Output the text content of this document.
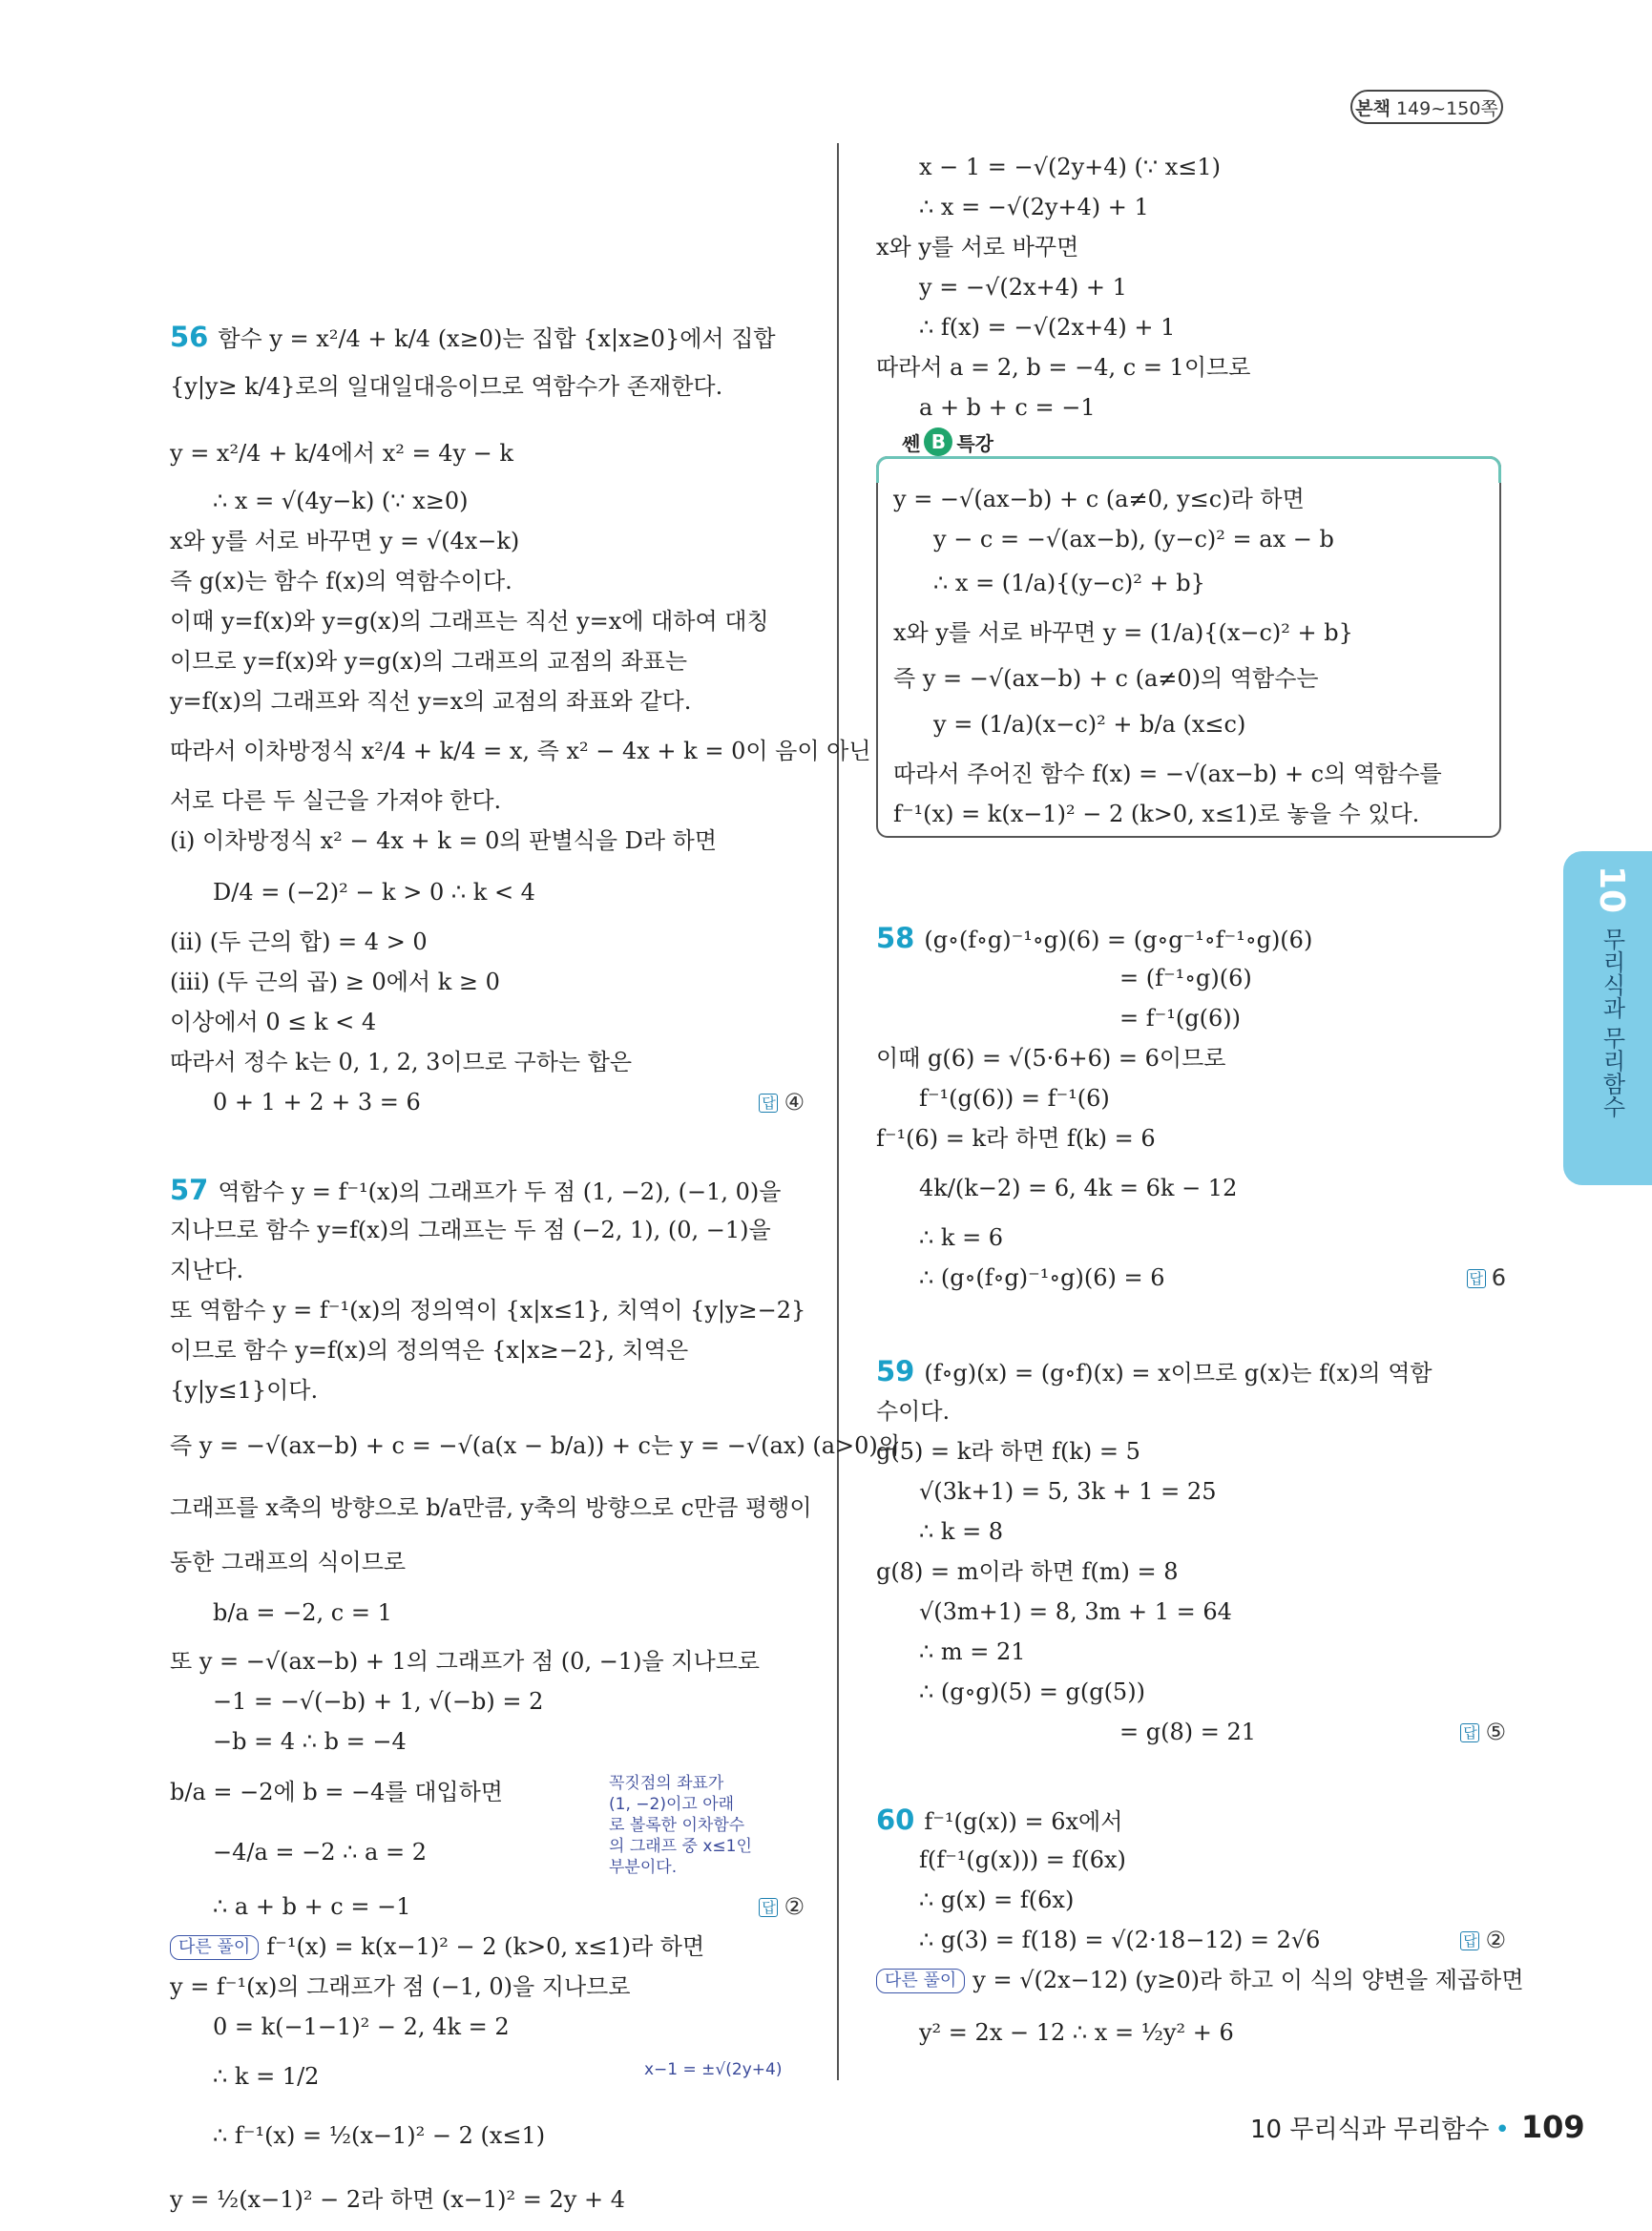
본책 149~150쪽
56 함수 y = x²/4 + k/4 (x≥0)는 집합 {x|x≥0}에서 집합
{y|y≥ k/4}로의 일대일대응이므로 역함수가 존재한다.
y = x²/4 + k/4에서 x² = 4y − k
∴ x = √(4y−k) (∵ x≥0)
x와 y를 서로 바꾸면 y = √(4x−k)
즉 g(x)는 함수 f(x)의 역함수이다.
이때 y=f(x)와 y=g(x)의 그래프는 직선 y=x에 대하여 대칭
이므로 y=f(x)와 y=g(x)의 그래프의 교점의 좌표는
y=f(x)의 그래프와 직선 y=x의 교점의 좌표와 같다.
따라서 이차방정식 x²/4 + k/4 = x, 즉 x² − 4x + k = 0이 음이 아닌
서로 다른 두 실근을 가져야 한다.
(i) 이차방정식 x² − 4x + k = 0의 판별식을 D라 하면
D/4 = (−2)² − k > 0 ∴ k < 4
(ii) (두 근의 합) = 4 > 0
(iii) (두 근의 곱) ≥ 0에서 k ≥ 0
이상에서 0 ≤ k < 4
따라서 정수 k는 0, 1, 2, 3이므로 구하는 합은
0 + 1 + 2 + 3 = 6	답 ④
57 역함수 y = f⁻¹(x)의 그래프가 두 점 (1, −2), (−1, 0)을
지나므로 함수 y=f(x)의 그래프는 두 점 (−2, 1), (0, −1)을
지난다.
또 역함수 y = f⁻¹(x)의 정의역이 {x|x≤1}, 치역이 {y|y≥−2}
이므로 함수 y=f(x)의 정의역은 {x|x≥−2}, 치역은
{y|y≤1}이다.
즉 y = −√(ax−b) + c = −√(a(x − b/a)) + c는 y = −√(ax) (a>0)의
그래프를 x축의 방향으로 b/a만큼, y축의 방향으로 c만큼 평행이
동한 그래프의 식이므로
b/a = −2, c = 1
또 y = −√(ax−b) + 1의 그래프가 점 (0, −1)을 지나므로
−1 = −√(−b) + 1, √(−b) = 2
−b = 4 ∴ b = −4
b/a = −2에 b = −4를 대입하면
−4/a = −2 ∴ a = 2
∴ a + b + c = −1	답 ②
다른 풀이 f⁻¹(x) = k(x−1)² − 2 (k>0, x≤1)라 하면
y = f⁻¹(x)의 그래프가 점 (−1, 0)을 지나므로
0 = k(−1−1)² − 2, 4k = 2
∴ k = 1/2
∴ f⁻¹(x) = ½(x−1)² − 2 (x≤1)
y = ½(x−1)² − 2라 하면 (x−1)² = 2y + 4
x − 1 = −√(2y+4) (∵ x≤1)
∴ x = −√(2y+4) + 1
x와 y를 서로 바꾸면
y = −√(2x+4) + 1
∴ f(x) = −√(2x+4) + 1
따라서 a = 2, b = −4, c = 1이므로
a + b + c = −1
y = −√(ax−b) + c (a≠0, y≤c)라 하면
y − c = −√(ax−b), (y−c)² = ax − b
∴ x = (1/a){(y−c)² + b}
x와 y를 서로 바꾸면 y = (1/a){(x−c)² + b}
즉 y = −√(ax−b) + c (a≠0)의 역함수는
y = (1/a)(x−c)² + b/a (x≤c)
따라서 주어진 함수 f(x) = −√(ax−b) + c의 역함수를
f⁻¹(x) = k(x−1)² − 2 (k>0, x≤1)로 놓을 수 있다.
58 (g∘(f∘g)⁻¹∘g)(6) = (g∘g⁻¹∘f⁻¹∘g)(6)
= (f⁻¹∘g)(6)
= f⁻¹(g(6))
이때 g(6) = √(5·6+6) = 6이므로
f⁻¹(g(6)) = f⁻¹(6)
f⁻¹(6) = k라 하면 f(k) = 6
4k/(k−2) = 6, 4k = 6k − 12
∴ k = 6
∴ (g∘(f∘g)⁻¹∘g)(6) = 6	답 6
59 (f∘g)(x) = (g∘f)(x) = x이므로 g(x)는 f(x)의 역함
수이다.
g(5) = k라 하면 f(k) = 5
√(3k+1) = 5, 3k + 1 = 25
∴ k = 8
g(8) = m이라 하면 f(m) = 8
√(3m+1) = 8, 3m + 1 = 64
∴ m = 21
∴ (g∘g)(5) = g(g(5))
= g(8) = 21	답 ⑤
60 f⁻¹(g(x)) = 6x에서
f(f⁻¹(g(x))) = f(6x)
∴ g(x) = f(6x)
∴ g(3) = f(18) = √(2·18−12) = 2√6	답 ②
다른 풀이 y = √(2x−12) (y≥0)라 하고 이 식의 양변을 제곱하면
y² = 2x − 12 ∴ x = ½y² + 6
쎈 B 특강
꼭짓점의 좌표가
(1, −2)이고 아래
로 볼록한 이차함수
의 그래프 중 x≤1인
부분이다.
x−1 = ±√(2y+4)
10
무리식과 무리함수
10 무리식과 무리함수 • 109
